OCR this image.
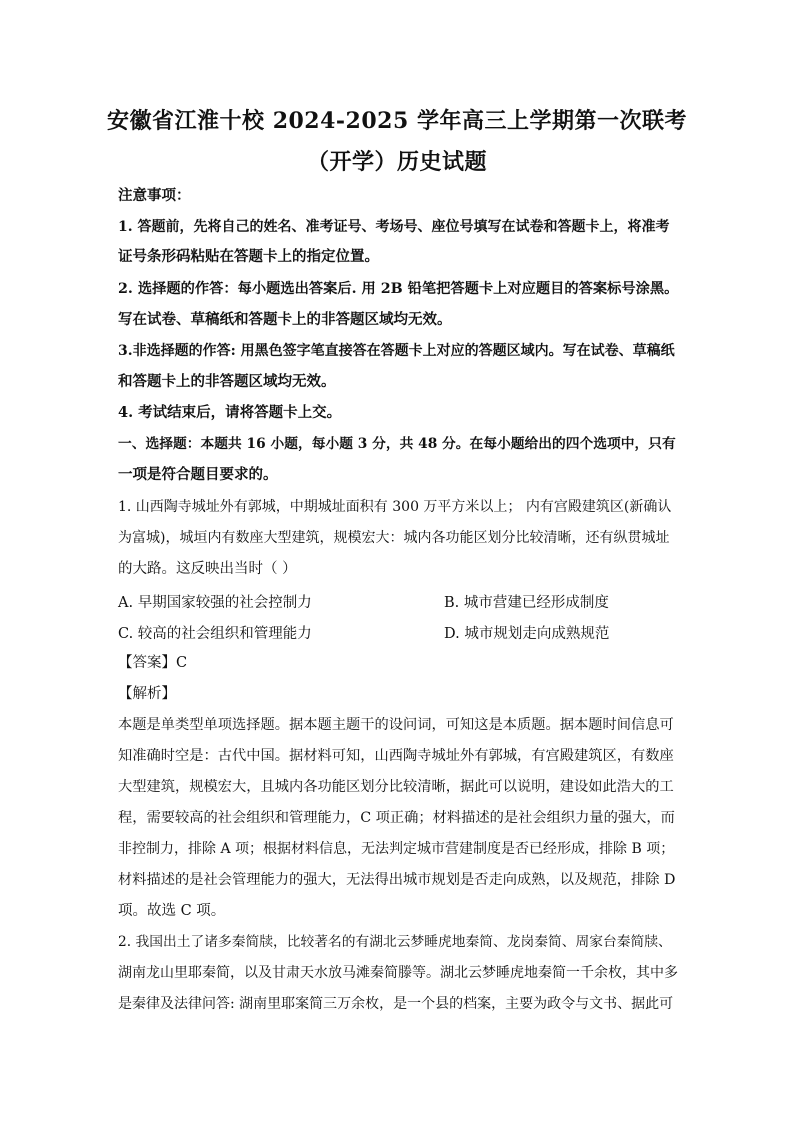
安徽省江淮十校 2024-2025 学年高三上学期第一次联考
（开学）历史试题
注意事项：
1. 答题前，先将自己的姓名、准考证号、考场号、座位号填写在试卷和答题卡上，将准考
证号条形码粘贴在答题卡上的指定位置。
2. 选择题的作答：每小题选出答案后. 用 2B 铅笔把答题卡上对应题目的答案标号涂黑。
写在试卷、草稿纸和答题卡上的非答题区域均无效。
3.非选择题的作答: 用黑色签字笔直接答在答题卡上对应的答题区域内。写在试卷、草稿纸
和答题卡上的非答题区域均无效。
4. 考试结束后，请将答题卡上交。
一、选择题：本题共 16 小题，每小题 3 分，共 48 分。在每小题给出的四个选项中，只有
一项是符合题目要求的。
1. 山西陶寺城址外有郭城，中期城址面积有 300 万平方米以上； 内有宫殿建筑区(新确认
为富城)，城垣内有数座大型建筑，规模宏大：城内各功能区划分比较清晰，还有纵贯城址
的大路。这反映出当时（ ）
A. 早期国家较强的社会控制力	B. 城市营建已经形成制度
C. 较高的社会组织和管理能力	D. 城市规划走向成熟规范
【答案】C
【解析】
本题是单类型单项选择题。据本题主题干的设问词，可知这是本质题。据本题时间信息可
知准确时空是：古代中国。据材料可知，山西陶寺城址外有郭城，有宫殿建筑区，有数座
大型建筑，规模宏大，且城内各功能区划分比较清晰，据此可以说明，建设如此浩大的工
程，需要较高的社会组织和管理能力，C 项正确；材料描述的是社会组织力量的强大，而
非控制力，排除 A 项；根据材料信息，无法判定城市营建制度是否已经形成，排除 B 项；
材料描述的是社会管理能力的强大，无法得出城市规划是否走向成熟，以及规范，排除 D
项。故选 C 项。
2. 我国出土了诸多秦简牍，比较著名的有湖北云梦睡虎地秦简、龙岗秦简、周家台秦简牍、
湖南龙山里耶秦简，以及甘肃天水放马滩秦简滕等。湖北云梦睡虎地秦简一千余枚，其中多
是秦律及法律问答: 湖南里耶案简三万余枚，是一个县的档案，主要为政令与文书、据此可
